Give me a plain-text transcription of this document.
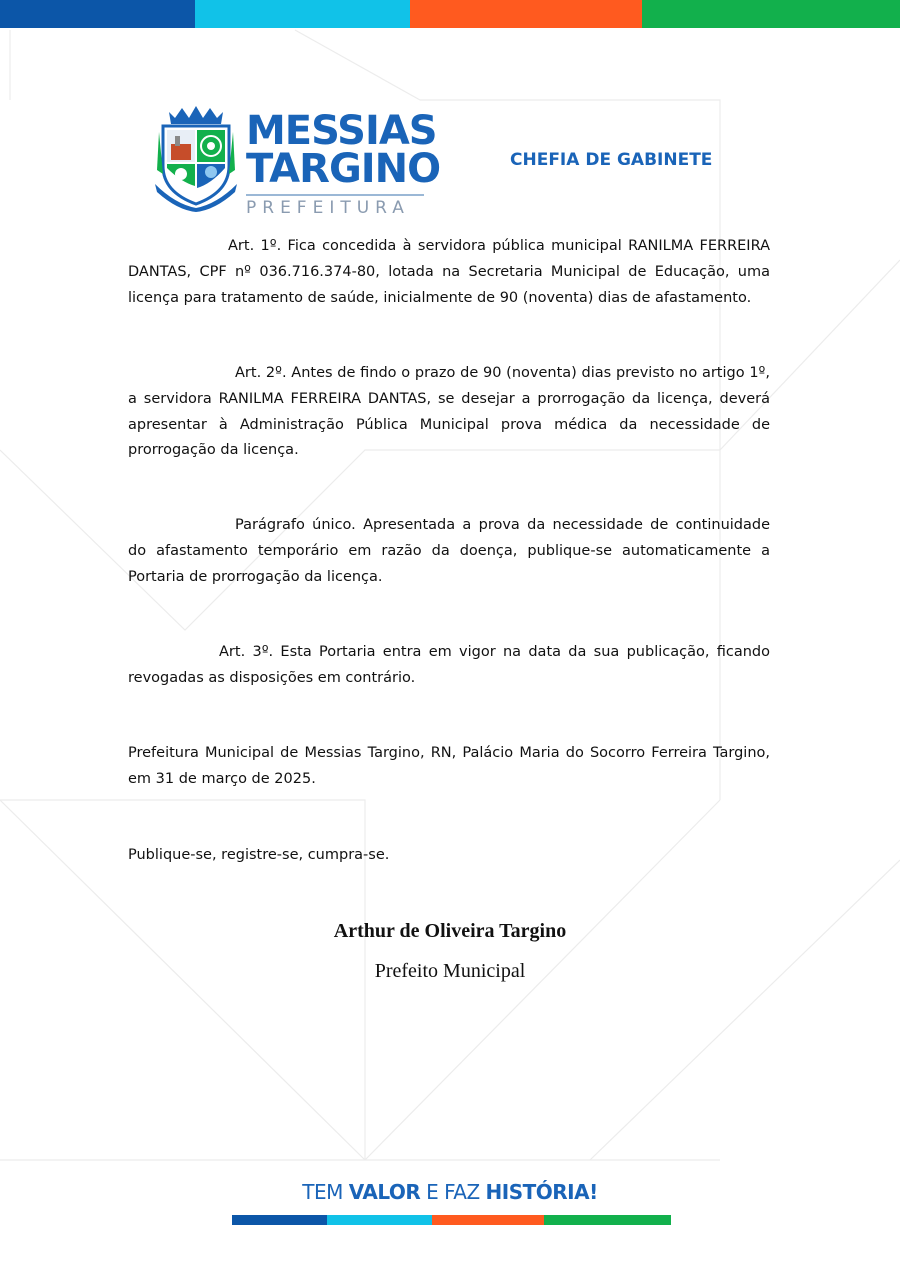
MESSIAS
TARGINO
PREFEITURA
CHEFIA DE GABINETE

Art. 1º. Fica concedida à servidora pública municipal RANILMA FERREIRA DANTAS, CPF nº 036.716.374-80, lotada na Secretaria Municipal de Educação, uma licença para tratamento de saúde, inicialmente de 90 (noventa) dias de afastamento.

Art. 2º. Antes de findo o prazo de 90 (noventa) dias previsto no artigo 1º, a servidora RANILMA FERREIRA DANTAS, se desejar a prorrogação da licença, deverá apresentar à Administração Pública Municipal prova médica da necessidade de prorrogação da licença.

Parágrafo único. Apresentada a prova da necessidade de continuidade do afastamento temporário em razão da doença, publique-se automaticamente a Portaria de prorrogação da licença.

Art. 3º. Esta Portaria entra em vigor na data da sua publicação, ficando revogadas as disposições em contrário.

Prefeitura Municipal de Messias Targino, RN, Palácio Maria do Socorro Ferreira Targino, em 31 de março de 2025.

Publique-se, registre-se, cumpra-se.

Arthur de Oliveira Targino
Prefeito Municipal
TEM VALOR E FAZ HISTÓRIA!
